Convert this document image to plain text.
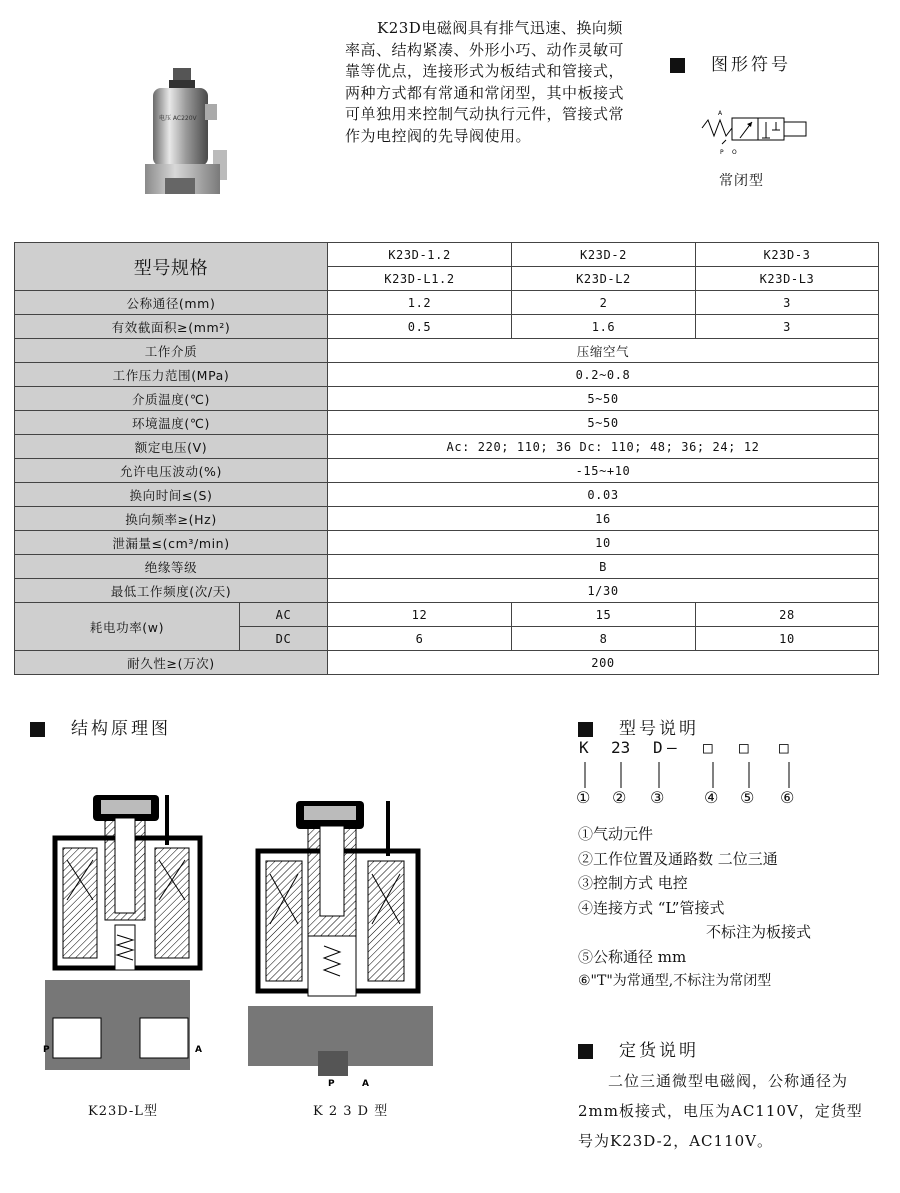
电压 AC220V
K23D电磁阀具有排气迅速、换向频率高、结构紧凑、外形小巧、动作灵敏可靠等优点，连接形式为板结式和管接式，两种方式都有常通和常闭型，其中板接式可单独用来控制气动执行元件，管接式常作为电控阀的先导阀使用。
图形符号
A
P O
常闭型
型号规格		K23D-1.2	K23D-2	K23D-3
		K23D-L1.2	K23D-L2	K23D-L3
公称通径(mm)		1.2	2	3
有效截面积≥(mm²)		0.5	1.6	3
工作介质		压缩空气		
工作压力范围(MPa)		0.2~0.8		
介质温度(℃)		5~50		
环境温度(℃)		5~50		
额定电压(V)		Ac: 220; 110; 36 Dc: 110; 48; 36; 24; 12		
允许电压波动(%)		-15~+10		
换向时间≤(S)		0.03		
换向频率≥(Hz)		16		
泄漏量≤(cm³/min)		10		
绝缘等级		B		
最低工作频度(次/天)		1/30		
耗电功率(w)	AC	12	15	28
	DC	6	8	10
耐久性≥(万次)		200		
结构原理图
P	A
K23D-L型
P	A
K 2 3 D 型
型号说明
K 23 D — □ □ □
① ② ③ ④ ⑤ ⑥
①气动元件
②工作位置及通路数 二位三通
③控制方式 电控
④连接方式 “L”管接式
不标注为板接式
⑤公称通径 mm
⑥"T"为常通型,不标注为常闭型
定货说明
二位三通微型电磁阀，公称通径为2mm板接式，电压为AC110V，定货型号为K23D-2，AC110V。
